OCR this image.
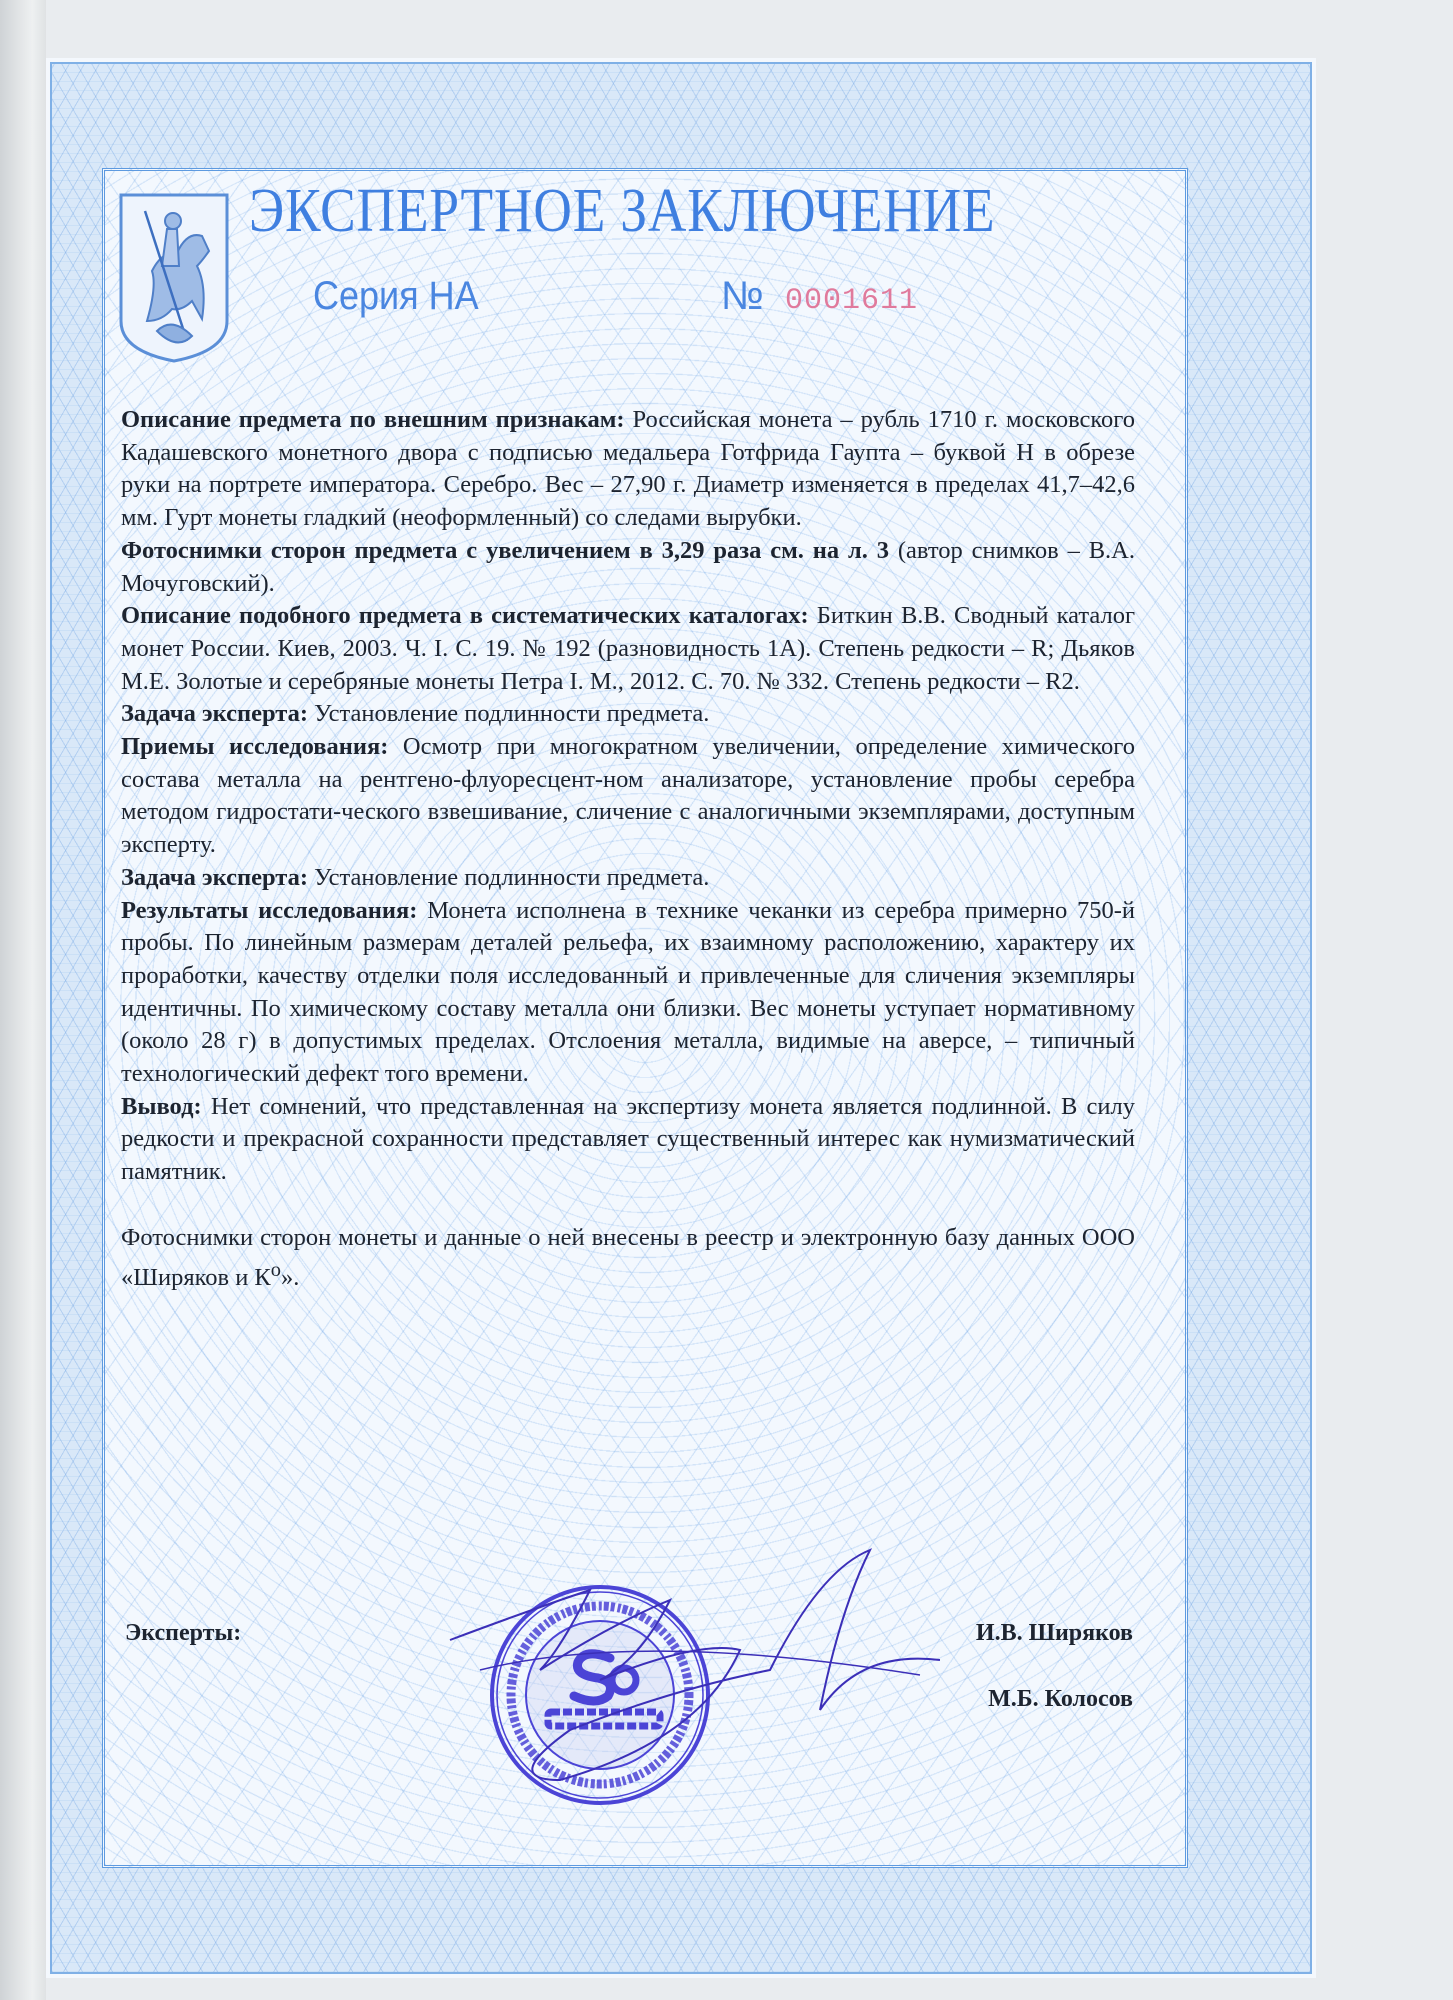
ЭКСПЕРТНОЕ ЗАКЛЮЧЕНИЕ
Серия НА	№ 0001611

Описание предмета по внешним признакам: Российская монета – рубль 1710 г. московского Кадашевского монетного двора с подписью медальера Готфрида Гаупта – буквой Н в обрезе руки на портрете императора. Серебро. Вес – 27,90 г. Диаметр изменяется в пределах 41,7–42,6 мм. Гурт монеты гладкий (неоформленный) со следами вырубки.

Фотоснимки сторон предмета с увеличением в 3,29 раза см. на л. 3 (автор снимков – В.А. Мочуговский).

Описание подобного предмета в систематических каталогах: Биткин В.В. Сводный каталог монет России. Киев, 2003. Ч. I. С. 19. № 192 (разновидность 1А). Степень редкости – R; Дьяков М.Е. Золотые и серебряные монеты Петра I. М., 2012. С. 70. № 332. Степень редкости – R2.

Задача эксперта: Установление подлинности предмета.

Приемы исследования: Осмотр при многократном увеличении, определение химического состава металла на рентгено-флуоресцент-ном анализаторе, установление пробы серебра методом гидростати-ческого взвешивание, сличение с аналогичными экземплярами, доступным эксперту.

Задача эксперта: Установление подлинности предмета.

Результаты исследования: Монета исполнена в технике чеканки из серебра примерно 750-й пробы. По линейным размерам деталей рельефа, их взаимному расположению, характеру их проработки, качеству отделки поля исследованный и привлеченные для сличения экземпляры идентичны. По химическому составу металла они близки. Вес монеты уступает нормативному (около 28 г) в допустимых пределах. Отслоения металла, видимые на аверсе, – типичный технологический дефект того времени.

Вывод: Нет сомнений, что представленная на экспертизу монета является подлинной. В силу редкости и прекрасной сохранности представляет существенный интерес как нумизматический памятник.

Фотоснимки сторон монеты и данные о ней внесены в реестр и электронную базу данных ООО «Ширяков и $К^о$».

Эксперты:	И.В. Ширяков
М.Б. Колосов
